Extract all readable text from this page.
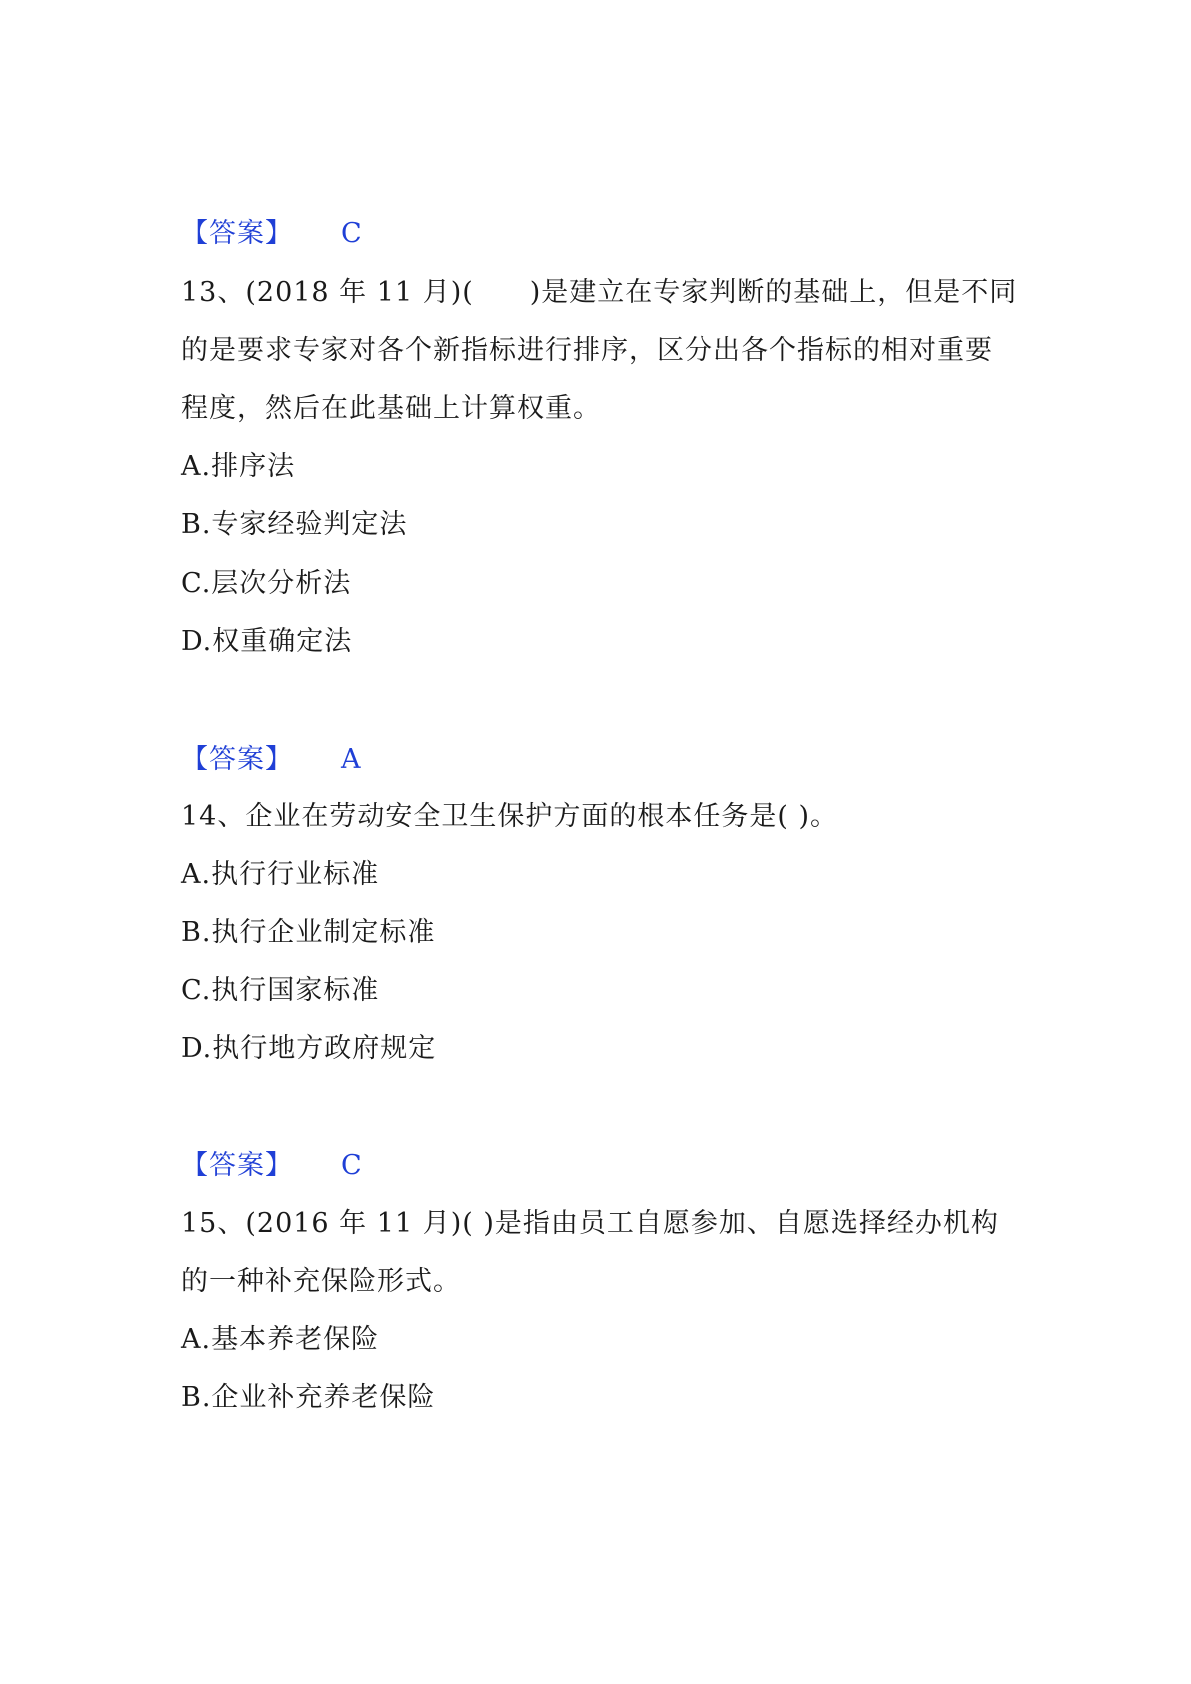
【答案】 C
13、(2018 年 11 月)(　　)是建立在专家判断的基础上，但是不同
的是要求专家对各个新指标进行排序，区分出各个指标的相对重要
程度，然后在此基础上计算权重。
A.排序法
B.专家经验判定法
C.层次分析法
D.权重确定法
【答案】 A
14、企业在劳动安全卫生保护方面的根本任务是( )。
A.执行行业标准
B.执行企业制定标准
C.执行国家标准
D.执行地方政府规定
【答案】 C
15、(2016 年 11 月)( )是指由员工自愿参加、自愿选择经办机构
的一种补充保险形式。
A.基本养老保险
B.企业补充养老保险
